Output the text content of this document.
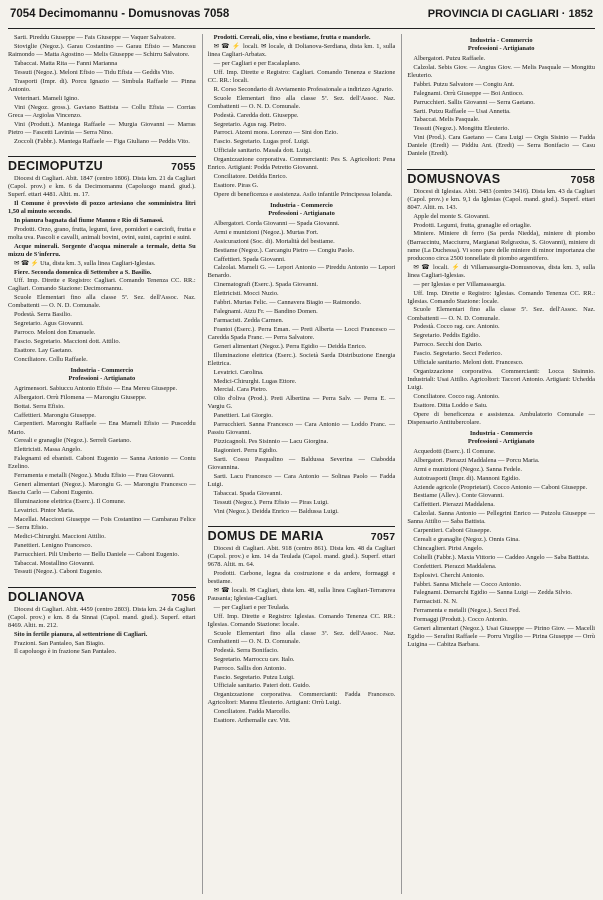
7054 Decimomannu - Domusnovas 7058	PROVINCIA DI CAGLIARI · 1852

Sarti. Pireddu Giuseppe — Fais Giuseppe — Vaquer Salvatore.

Stoviglie (Negoz.). Garau Costantino — Garau Efisio — Mancosu Raimondo — Matta Agostino — Melis Giuseppe — Schirru Salvatore.

Tabaccai. Matta Rita — Fanni Marianna

Tessuti (Negoz.). Meloni Efisio — Tidu Efisia — Geddis Vito.

Trasporti (Impr. di). Porcu Ignazio — Simbula Raffaele — Pinna Antonio.

Veterinari. Mameli Igino.

Vini (Negoz. gross.). Gaviano Battista — Collu Efisia — Corrias Greca — Argiolas Vincenzo.

Vini (Produtt.). Mantega Raffaele — Murgia Giovanni — Marras Pietro — Fascetti Lavinia — Serra Nino.

Zoccoli (Fabbr.). Mantega Raffaele — Figa Giuliano — Peddis Vito.

DECIMOPUTZU	7055

Diocesi di Cagliari. Abit. 1847 (centro 1806). Dista km. 21 da Cagliari (Capol. prov.) e km. 6 da Decimomannu (Capoluogo mand. giud.). Superf. ettari 4481. Altit. m. 17.

Il Comune è provvisto di pozzo artesiano che somministra litri 1,50 al minuto secondo.

In pianura bagnata dal fiume Mannu e Rio di Samassi.

Prodotti. Orzo, grano, frutta, legumi, fave, pomidori e carciofi, frutta e molta uva. Pascoli e cavalli, animali bovini, ovini, suini, caprini e suini.

Acque minerali. Sorgente d'acqua minerale a termale, detta Su mizzu de S'inferru.

✉ ☎ ⚡ Uta, dista km. 3, sulla linea Cagliari-Iglesias.

Fiere. Seconda domenica di Settembre a S. Basilio.

Uff. Imp. Dirette e Registro: Cagliari. Comando Tenenza CC. RR.: Cagliari. Comando Stazione: Decimomannu.

Scuole Elementari fino alla classe 5ª. Sez. dell'Assoc. Naz. Combattenti — O. N. D. Comunale.

Podestà. Serra Basilio.

Segretario. Agus Giovanni.

Parroco. Meloni don Emanuele.

Fascio. Segretario. Maccioni dott. Attilio.

Esattore. Lay Gaetano.

Conciliatore. Collu Raffaele.

Industria - Commercio
Professioni - Artigianato

Agrimensori. Sabiuccu Antonio Efisio — Ena Mereu Giuseppe.

Albergatori. Orrù Filomena — Marongiu Giuseppe.

Bottai. Serra Efisio.

Caffettieri. Marongiu Giuseppe.

Carpentieri. Marongiu Raffaele — Ena Mameli Efisio — Pusceddu Mario.

Cereali e granaglie (Negoz.). Serreli Gaetano.

Elettricisti. Massa Angelo.

Falegnami ed ebanisti. Caboni Eugenio — Sanna Antonio — Contu Ezelino.

Ferramenta e metalli (Negoz.). Mudu Efisio — Frau Giovanni.

Generi alimentari (Negoz.). Marongiu G. — Marongiu Francesco — Basciu Carlo — Caboni Eugenio.

Illuminazione elettrica (Eserc.). Il Comune.

Levatrici. Pintor Maria.

Macellai. Maccioni Giuseppe — Fois Costantino — Cambarau Felice — Serra Efisio.

Medici-Chirurghi. Maccioni Attilio.

Panettieri. Lenigno Francesco.

Parrucchieri. Pili Umberto — Bellu Daniele — Caboni Eugenio.

Tabaccai. Mostallino Giovanni.

Tessuti (Negoz.). Caboni Eugenio.

DOLIANOVA	7056

Diocesi di Cagliari. Abit. 4459 (centro 2803). Dista km. 24 da Cagliari (Capol. prov.) e km. 8 da Sinnai (Capol. mand. giud.). Superf. ettari 8469. Altit. m. 212.

Sito in fertile pianura, al settentrione di Cagliari.

Frazioni. San Pantaleo, San Biagio.

Il capoluogo è in frazione San Pantaleo.

Prodotti. Cereali, olio, vino e bestiame, frutta e mandorle.

✉ ☎ ⚡ locali. ✉ locale, di Dolianova-Serdiana, dista km. 1, sulla linea Cagliari-Arbatax.

— per Cagliari e per Escalaplano.

Uff. Imp. Dirette e Registro: Cagliari. Comando Tenenza e Stazione CC. RR.: locali.

R. Corso Secondario di Avviamento Professionale a indirizzo Agrario.

Scuole Elementari fino alla classe 5ª. Sez. dell'Assoc. Naz. Combattenti — O. N. D. Comunale.

Podestà. Caredda dott. Giuseppe.

Segretario. Agus rag. Pietro.

Parroci. Atzeni mons. Lorenzo — Sini don Ezio.

Fascio. Segretario. Lugas prof. Luigi.

Ufficiale sanitario. Masala dott. Luigi.

Organizzazione corporativa. Commercianti: Pes S. Agricoltori: Pena Enrico. Artigiani: Podda Petretto Giovanni.

Conciliatore. Deidda Enrico.

Esattore. Piras G.

Opere di beneficenza e assistenza. Asilo infantile Principessa Iolanda.

Industria - Commercio
Professioni - Artigianato

Albergatori. Corda Giovanni — Spada Giovanni.

Armi e munizioni (Negoz.). Murtas Fort.

Assicurazioni (Soc. di). Mortalità del bestiame.

Bestiame (Negoz.). Carcangiu Pietro — Congiu Paolo.

Caffettieri. Spada Giovanni.

Calzolai. Mameli G. — Lepori Antonio — Pireddu Antonio — Lepori Benardo.

Cinematografi (Eserc.). Spada Giovanni.

Elettricisti. Mocci Nuzio.

Fabbri. Murtas Felic. — Cannavera Biagio — Raimondo.

Falegnami. Atzu Fr. — Bandino Domen.

Farmacisti. Zedda Carmen.

Frantoi (Eserc.). Perra Eman. — Preti Alberta — Locci Francesco — Caredda Spada Franc. — Perra Salvatore.

Generi alimentari (Negoz.). Perra Egidio — Deidda Enrico.

Illuminazione elettrica (Eserc.). Società Sarda Distribuzione Energia Elettrica.

Levatrici. Carolina.

Medici-Chirurghi. Lugas Ettore.

Mercial. Cara Pietro.

Olio d'oliva (Prod.). Preti Albertina — Perra Salv. — Perra E. — Vargiu G.

Panettieri. Lai Giorgio.

Parrucchieri. Sanna Francesco — Cara Antonio — Loddo Franc. — Passiu Giovanni.

Pizzicagnoli. Pes Sisinnio — Lacu Giorgina.

Ragionieri. Perra Egidio.

Sarti. Cossu Pasqualino — Baldussa Severina — Ciabodda Giovannina.

Sarti. Lacu Francesco — Cara Antonio — Solinas Paolo — Fadda Luigi.

Tabaccai. Spada Giovanni.

Tessuti (Negoz.). Perra Efisio — Piras Luigi.

Vini (Negoz.). Deidda Enrico — Baldussa Luigi.

DOMUS DE MARIA	7057

Diocesi di Cagliari. Abit. 918 (centro 861). Dista km. 48 da Cagliari (Capol. prov.) e km. 14 da Teulada (Capol. mand. giud.). Superf. ettari 9678. Altit. m. 64.

Prodotti. Carbone, legna da costruzione e da ardere, formaggi e bestiame.

✉ ☎ locali. ✉ Cagliari, dista km. 48, sulla linea Cagliari-Terranova Pausania; Iglesias-Cagliari.

— per Cagliari e per Teulada.

Uff. Imp. Dirette e Registro: Iglesias. Comando Tenenza CC. RR.: Iglesias. Comando Stazione: locale.

Scuole Elementari fino alla classe 3ª. Sez. dell'Assoc. Naz. Combattenti — O. N. D. Comunale.

Podestà. Serra Bonifacio.

Segretario. Marroccu cav. Italo.

Parroco. Sallis don Antonio.

Fascio. Segretario. Putzu Luigi.

Ufficiale sanitario. Pateri dott. Guido.

Organizzazione corporativa. Commercianti: Fadda Francesco. Agricoltori: Mannu Eleuterio. Artigiani: Orrù Luigi.

Conciliatore. Fadda Marcello.

Esattore. Arthemalle cav. Vitt.

Industria - Commercio
Professioni - Artigianato

Albergatori. Putzu Raffaele.

Calzolai. Sebis Giov. — Angius Giov. — Melis Pasquale — Mongittu Eleuterio.

Fabbri. Putzu Salvatore — Congiu Ant.

Falegnami. Orrù Giuseppe — Boi Antioco.

Parrucchieri. Sallis Giovanni — Serra Gaetano.

Sarti. Putzu Raffaele — Usai Annetta.

Tabaccai. Melis Pasquale.

Tessuti (Negoz.). Mongittu Eleuterio.

Vini (Prod.). Cara Gaetano — Cara Luigi — Orgis Sisinio — Fadda Daniele (Eredi) — Piddiu Ant. (Eredi) — Serra Bonifacio — Casu Daniele (Eredi).

DOMUSNOVAS	7058

Diocesi di Iglesias. Abit. 3483 (centro 3416). Dista km. 43 da Cagliari (Capol. prov.) e km. 9,1 da Iglesias (Capol. mand. giud.). Superf. ettari 8047. Altit. m. 143.

Apple del monte S. Giovanni.

Prodotti. Legumi, frutta, granaglie ed ortaglie.

Miniere. Miniere di ferro (Sa perda Niedda), miniere di piombo (Barraccintu, Macciurru, Margianai Relgraxius, S. Giovanni), miniere di rame (La Duchessa). Vi sono pure delle miniere di minor importanza che producono circa 2500 tonnellate di piombo argentifero.

✉ ☎ locali. ⚡ di Villamassargia-Domusnovas, dista km. 3, sulla linea Cagliari-Iglesias.

— per Iglesias e per Villamassargia.

Uff. Imp. Dirette e Registro: Iglesias. Comando Tenenza CC. RR.: Iglesias. Comando Stazione: locale.

Scuole Elementari fino alla classe 5ª. Sez. dell'Assoc. Naz. Combattenti — O. N. D. Comunale.

Podestà. Cocco rag. cav. Antonio.

Segretario. Peddis Egidio.

Parroco. Secchi don Dario.

Fascio. Segretario. Secci Federico.

Ufficiale sanitario. Meloni dott. Francesco.

Organizzazione corporativa. Commercianti: Locca Sisinnio. Industriali: Usai Attilio. Agricoltori: Taccori Antonio. Artigiani: Uchedda Luigi.

Conciliatore. Cocco rag. Antonio.

Esattore. Ditta Loddo e Saiu.

Opere di beneficenza e assistenza. Ambulatorio Comunale — Dispensario Antitubercolare.

Industria - Commercio
Professioni - Artigianato

Acquedotti (Eserc.). Il Comune.

Albergatori. Pierazzi Maddalena — Porcu Maria.

Armi e munizioni (Negoz.). Sanna Fedele.

Autotrasporti (Impr. di). Mannoni Egidio.

Aziende agricole (Proprietari). Cocco Antonio — Caboni Giuseppe.

Bestiame (Allev.). Conte Giovanni.

Caffettieri. Pierazzi Maddalena.

Calzolai. Sanna Antonio — Pellegrini Enrico — Putzolu Giuseppe — Sanna Attilio — Saba Battista.

Carpentieri. Caboni Giuseppe.

Cereali e granaglie (Negoz.). Onnis Gina.

Chincaglieri. Pirisi Angelo.

Coltelli (Fabbr.). Maxia Vittorio — Caddeo Angelo — Saba Battista.

Confettieri. Pierazzi Maddalena.

Esplosivi. Cherchi Antonio.

Fabbri. Sanna Michele — Cocco Antonio.

Falegnami. Demarchi Egidio — Sanna Luigi — Zedda Silvio.

Farmacisti. N. N.

Ferramenta e metalli (Negoz.). Secci Fed.

Formaggi (Produtt.). Cocco Antonio.

Generi alimentari (Negoz.). Usai Giuseppe — Pirino Giov. — Macelli Egidio — Serafini Raffaele — Porru Virgilio — Pirina Giuseppe — Orrù Luigina — Cabitza Barbara.
